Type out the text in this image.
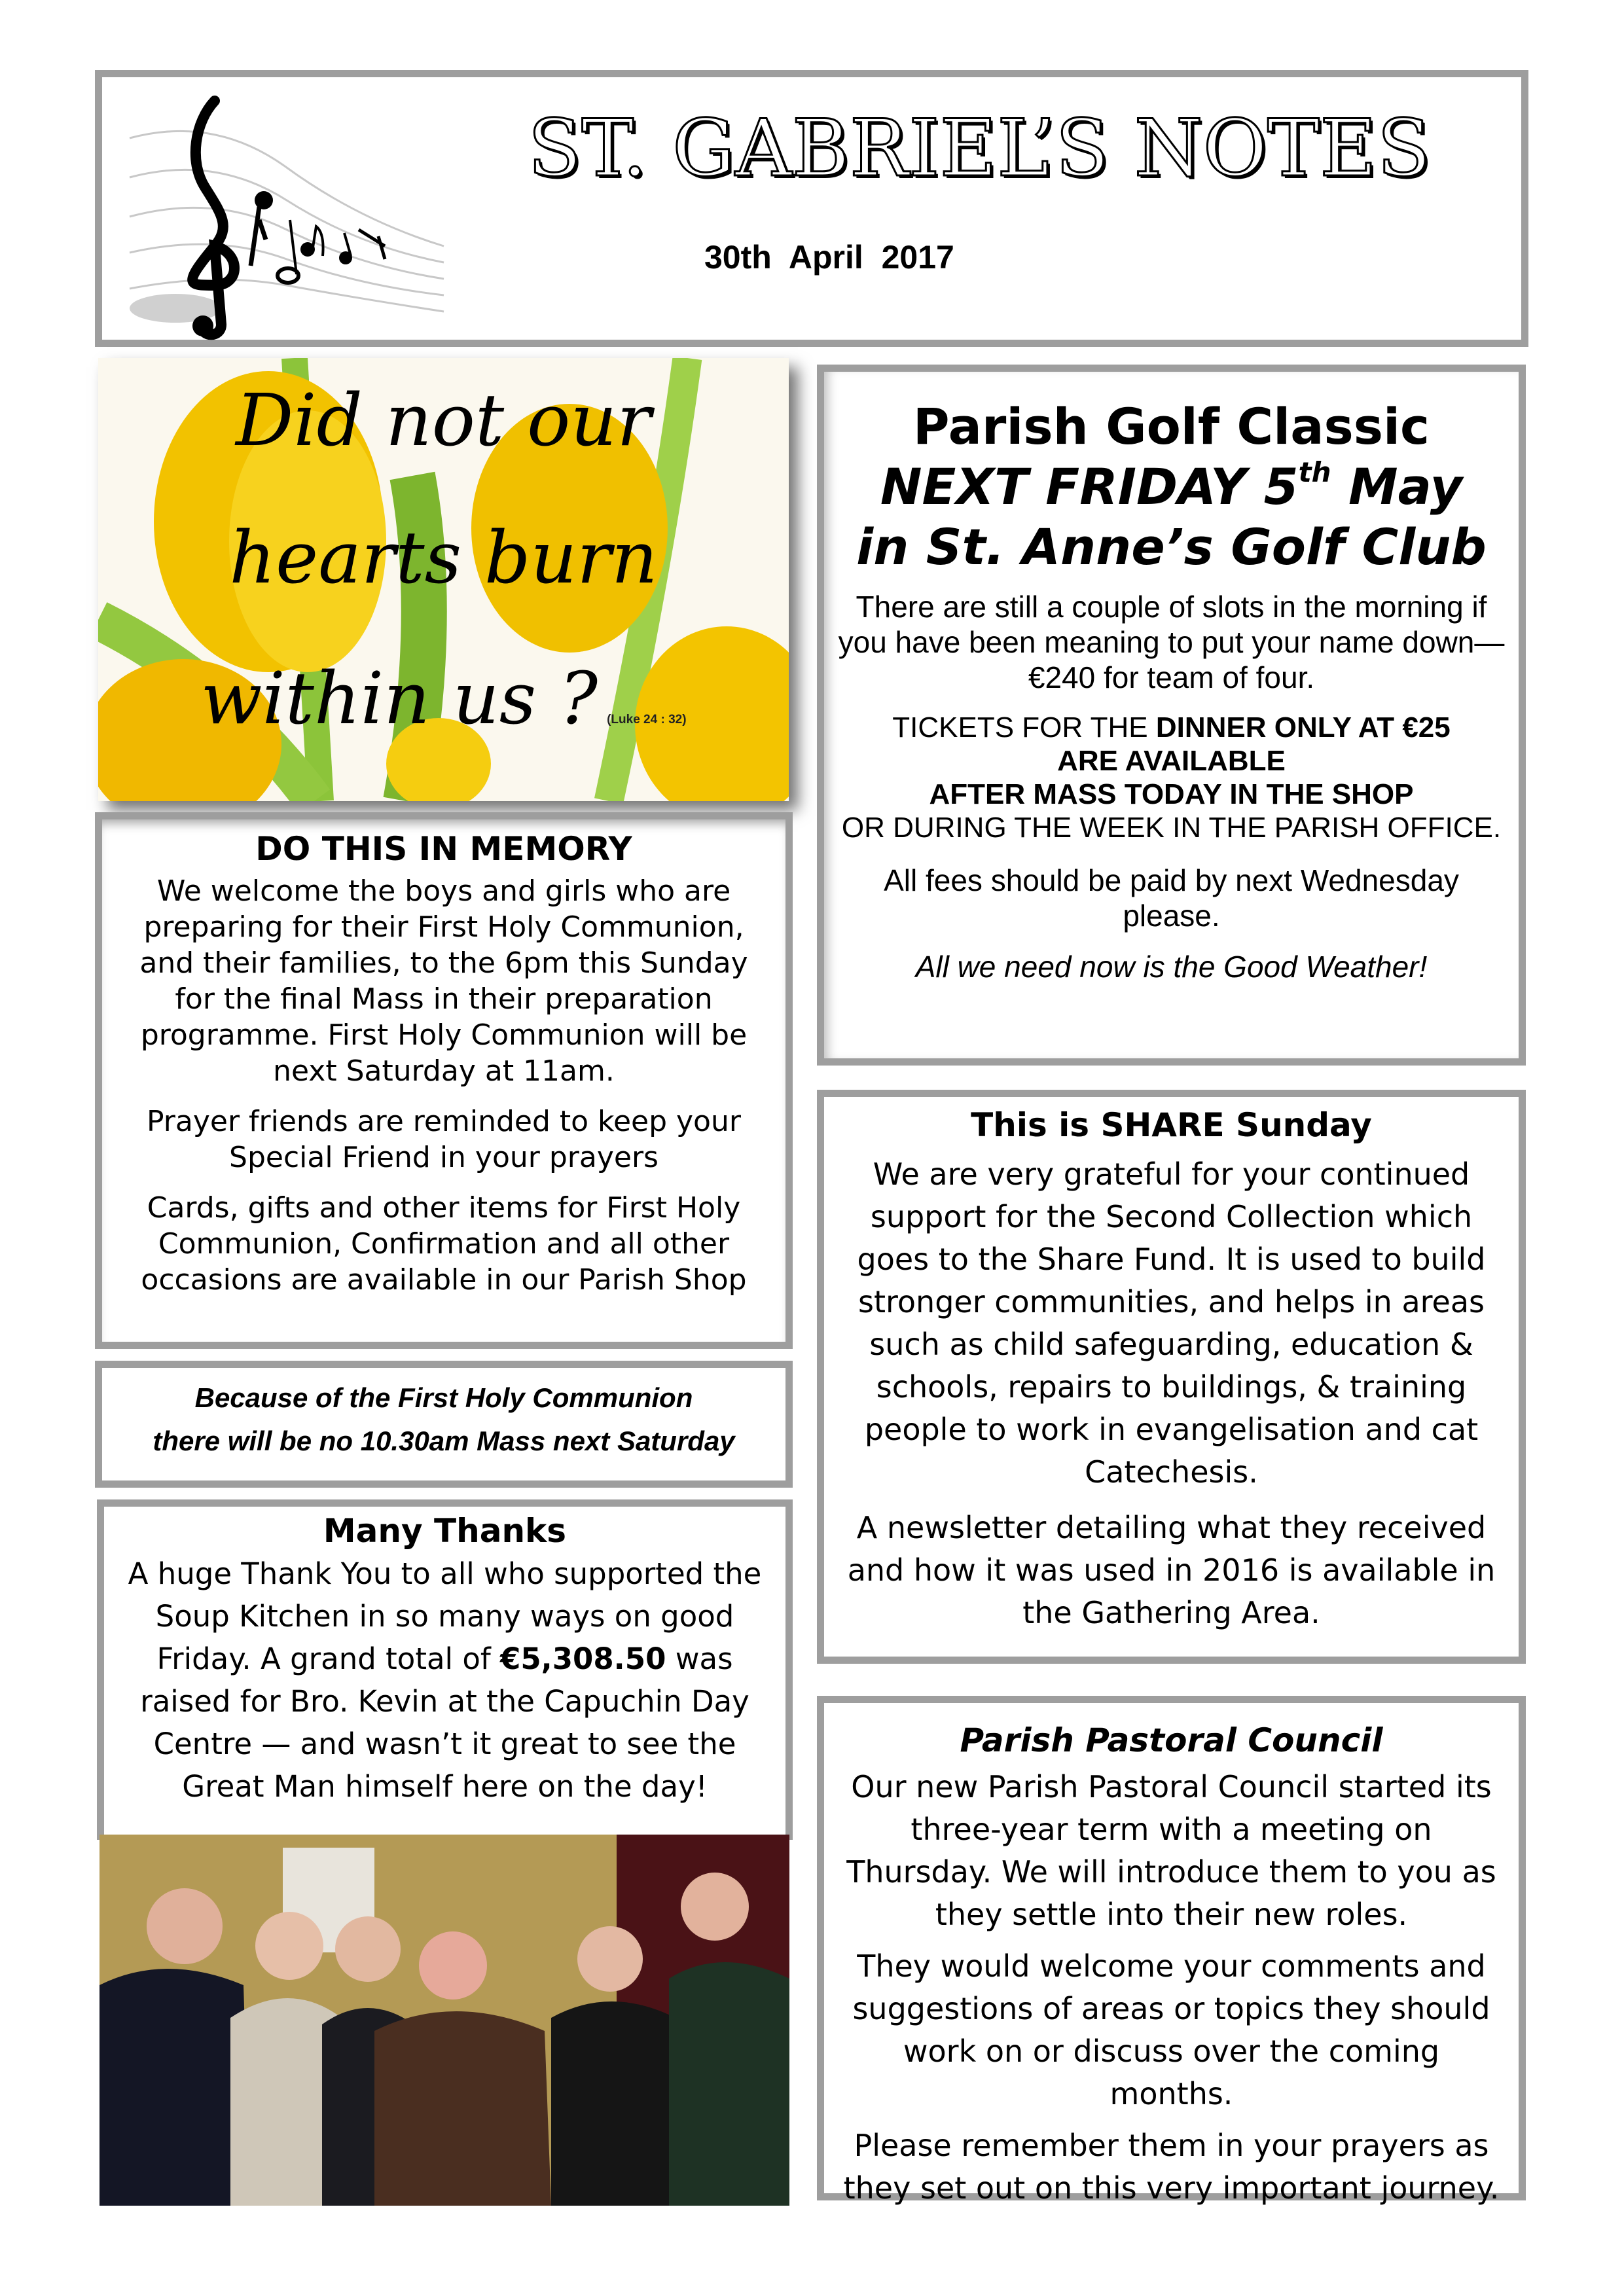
ST. GABRIEL’S NOTES
30th April 2017
Did not our
hearts burn
within us ? (Luke 24 : 32)

DO THIS IN MEMORY

We welcome the boys and girls who are preparing for their First Holy Communion, and their families, to the 6pm this Sunday for the final Mass in their preparation programme. First Holy Communion will be next Saturday at 11am.

Prayer friends are reminded to keep your Special Friend in your prayers

Cards, gifts and other items for First Holy Communion, Confirmation and all other occasions are available in our Parish Shop

Because of the First Holy Communion

there will be no 10.30am Mass next Saturday

Many Thanks

A huge Thank You to all who supported the Soup Kitchen in so many ways on good Friday. A grand total of €5,308.50 was raised for Bro. Kevin at the Capuchin Day Centre — and wasn’t it great to see the Great Man himself here on the day!

Parish Golf Classic

NEXT FRIDAY 5th May

in St. Anne’s Golf Club

There are still a couple of slots in the morning if you have been meaning to put your name down—€240 for team of four.

TICKETS FOR THE DINNER ONLY AT €25

ARE AVAILABLE

AFTER MASS TODAY IN THE SHOP

OR DURING THE WEEK IN THE PARISH OFFICE.

All fees should be paid by next Wednesday please.

All we need now is the Good Weather!

This is SHARE Sunday

We are very grateful for your continued support for the Second Collection which goes to the Share Fund. It is used to build stronger communities, and helps in areas such as child safeguarding, education & schools, repairs to buildings, & training people to work in evangelisation and cat Catechesis.

A newsletter detailing what they received and how it was used in 2016 is available in the Gathering Area.

Parish Pastoral Council

Our new Parish Pastoral Council started its three-year term with a meeting on Thursday. We will introduce them to you as they settle into their new roles.

They would welcome your comments and suggestions of areas or topics they should work on or discuss over the coming months.

Please remember them in your prayers as they set out on this very important journey.
